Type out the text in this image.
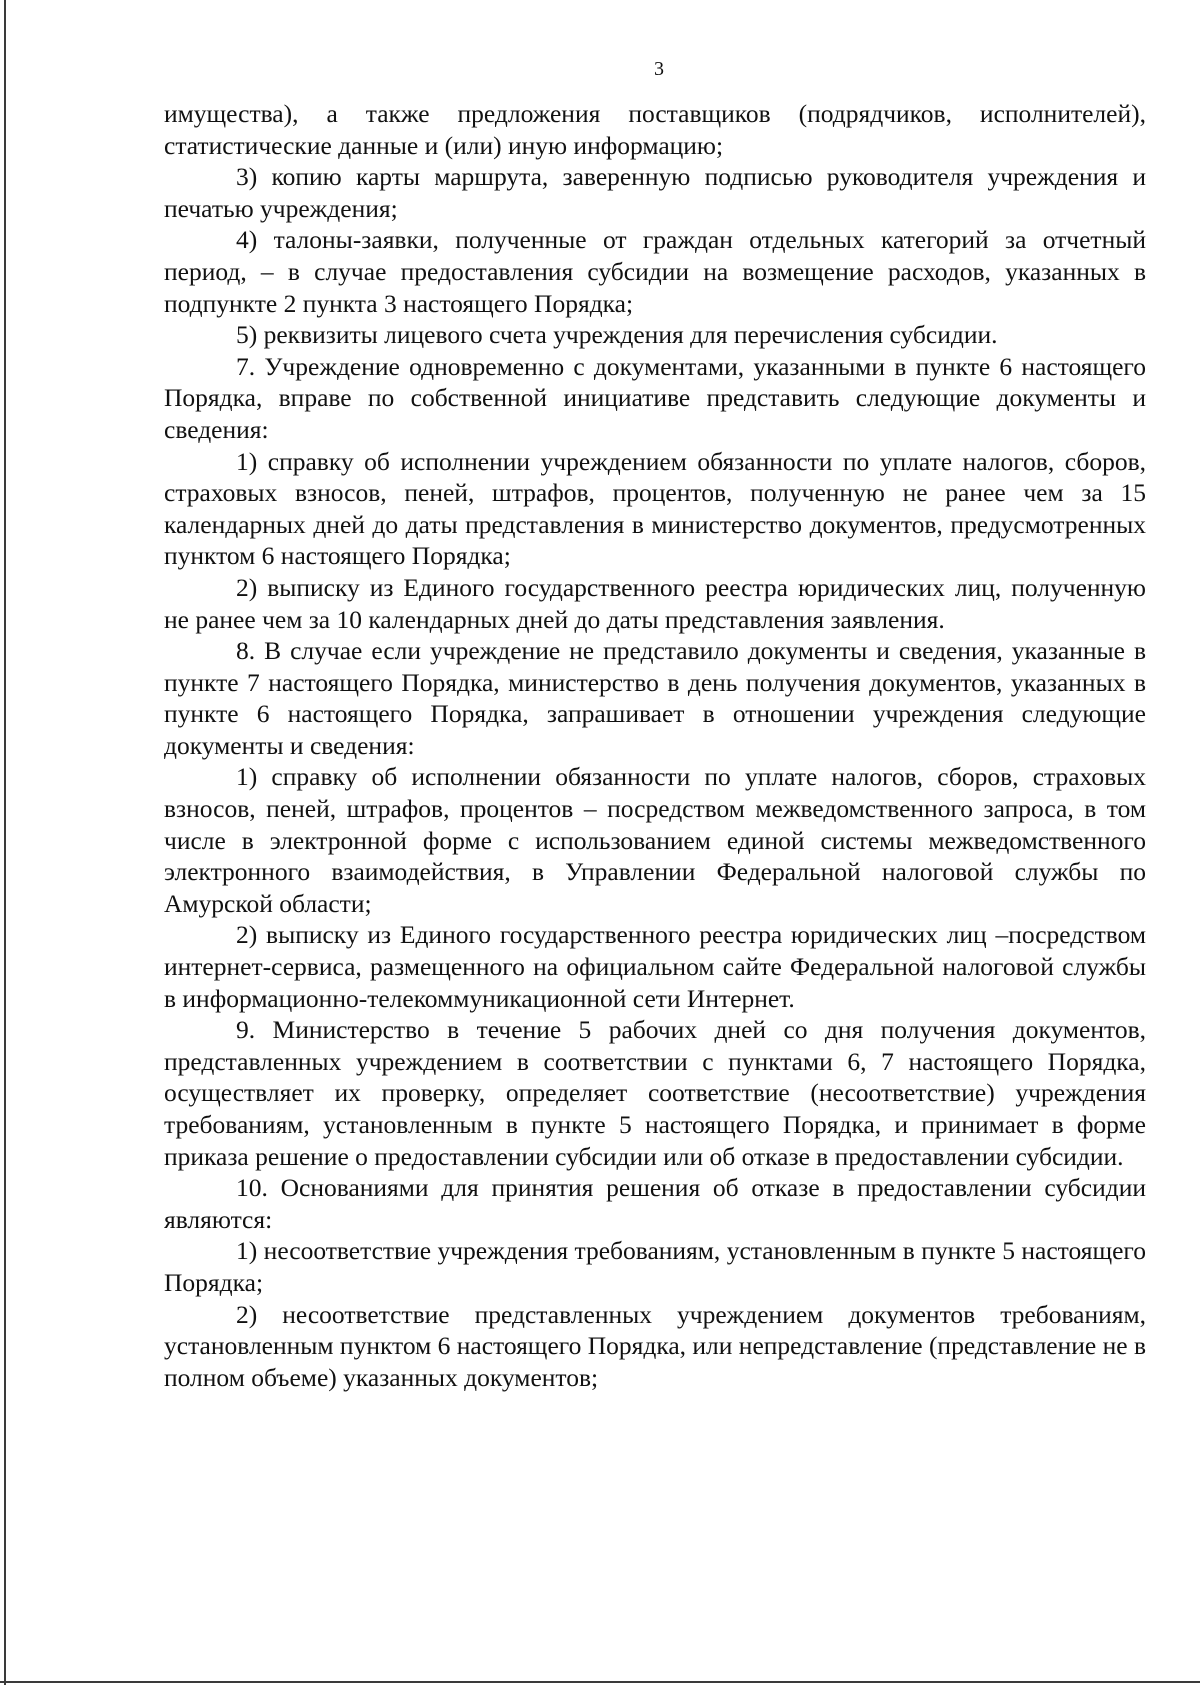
3

имущества), а также предложения поставщиков (подрядчиков, исполнителей), статистические данные и (или) иную информацию;

3) копию карты маршрута, заверенную подписью руководителя учреждения и печатью учреждения;

4) талоны-заявки, полученные от граждан отдельных категорий за отчетный период, – в случае предоставления субсидии на возмещение расходов, указанных в подпункте 2 пункта 3 настоящего Порядка;

5) реквизиты лицевого счета учреждения для перечисления субсидии.

7. Учреждение одновременно с документами, указанными в пункте 6 настоящего Порядка, вправе по собственной инициативе представить следующие документы и сведения:

1) справку об исполнении учреждением обязанности по уплате налогов, сборов, страховых взносов, пеней, штрафов, процентов, полученную не ранее чем за 15 календарных дней до даты представления в министерство документов, предусмотренных пунктом 6 настоящего Порядка;

2) выписку из Единого государственного реестра юридических лиц, полученную не ранее чем за 10 календарных дней до даты представления заявления.

8. В случае если учреждение не представило документы и сведения, указанные в пункте 7 настоящего Порядка, министерство в день получения документов, указанных в пункте 6 настоящего Порядка, запрашивает в отношении учреждения следующие документы и сведения:

1) справку об исполнении обязанности по уплате налогов, сборов, страховых взносов, пеней, штрафов, процентов – посредством межведомственного запроса, в том числе в электронной форме с использованием единой системы межведомственного электронного взаимодействия, в Управлении Федеральной налоговой службы по Амурской области;

2) выписку из Единого государственного реестра юридических лиц –посредством интернет-сервиса, размещенного на официальном сайте Федеральной налоговой службы в информационно-телекоммуникационной сети Интернет.

9. Министерство в течение 5 рабочих дней со дня получения документов, представленных учреждением в соответствии с пунктами 6, 7 настоящего Порядка, осуществляет их проверку, определяет соответствие (несоответствие) учреждения требованиям, установленным в пункте 5 настоящего Порядка, и принимает в форме приказа решение о предоставлении субсидии или об отказе в предоставлении субсидии.

10. Основаниями для принятия решения об отказе в предоставлении субсидии являются:

1) несоответствие учреждения требованиям, установленным в пункте 5 настоящего Порядка;

2) несоответствие представленных учреждением документов требованиям, установленным пунктом 6 настоящего Порядка, или непредставление (представление не в полном объеме) указанных документов;
